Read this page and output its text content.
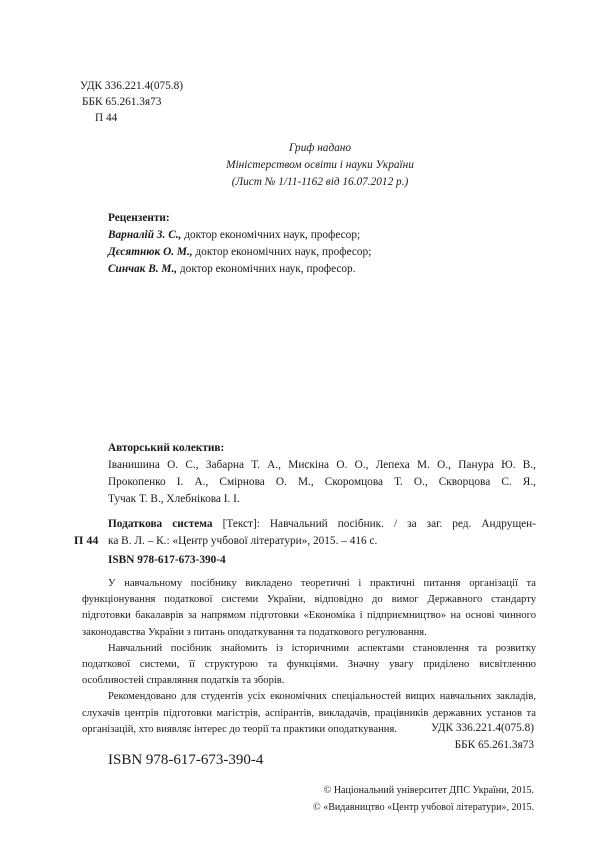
УДК 336.221.4(075.8)
ББК 65.261.3я73
П 44
Гриф надано
Міністерством освіти і науки України
(Лист № 1/11-1162 від 16.07.2012 р.)
Рецензенти:
Варналій З. С., доктор економічних наук, професор;
Дєсятнюк О. М., доктор економічних наук, професор;
Синчак В. М., доктор економічних наук, професор.
Авторський колектив:
Іванишина О. С., Забарна Т. А., Мискіна О. О., Лепеха М. О., Панура Ю. В.,
Прокопенко І. А., Смірнова О. М., Скоромцова Т. О., Скворцова С. Я.,
Тучак Т. В., Хлебнікова І. І.
П 44
Податкова система [Текст]: Навчальний посібник. / за заг. ред. Андрущен-
ка В. Л. – К.: «Центр учбової літератури», 2015. – 416 с.
ISBN 978-617-673-390-4
У навчальному посібнику викладено теоретичні і практичні питання організації та функціонування податкової системи України, відповідно до вимог Державного стандарту підготовки бакалаврів за напрямом підготовки «Економіка і підприємництво» на основі чинного законодавства України з питань оподаткування та податкового регулювання.
Навчальний посібник знайомить із історичними аспектами становлення та розвитку податкової системи, її структурою та функціями. Значну увагу приділено висвітленню особливостей справляння податків та зборів.
Рекомендовано для студентів усіх економічних спеціальностей вищих навчальних закладів, слухачів центрів підготовки магістрів, аспірантів, викладачів, працівників державних установ та організацій, хто виявляє інтерес до теорії та практики оподаткування.	УДК 336.221.4(075.8)
ББК 65.261.3я73
ISBN 978-617-673-390-4
© Національний університет ДПС України, 2015.
© «Видавництво «Центр учбової літератури», 2015.
